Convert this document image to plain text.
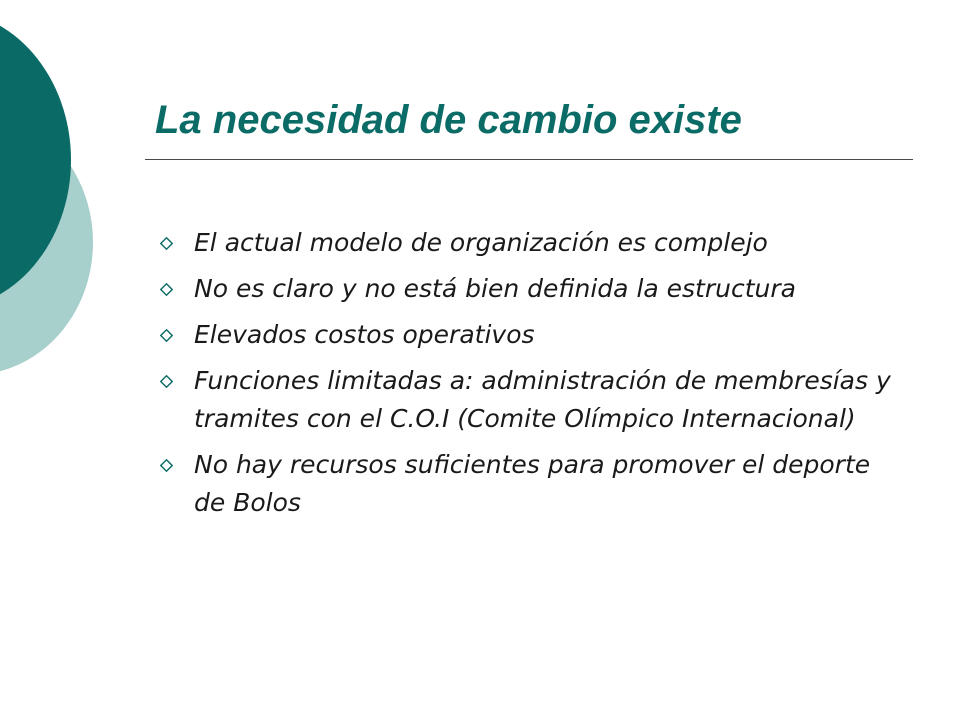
La necesidad de cambio existe
El actual modelo de organización es complejo
No es claro y no está bien definida la estructura
Elevados costos operativos
Funciones limitadas a: administración de membresías y tramites con el C.O.I (Comite Olímpico Internacional)
No hay recursos suficientes para promover el deporte de Bolos
